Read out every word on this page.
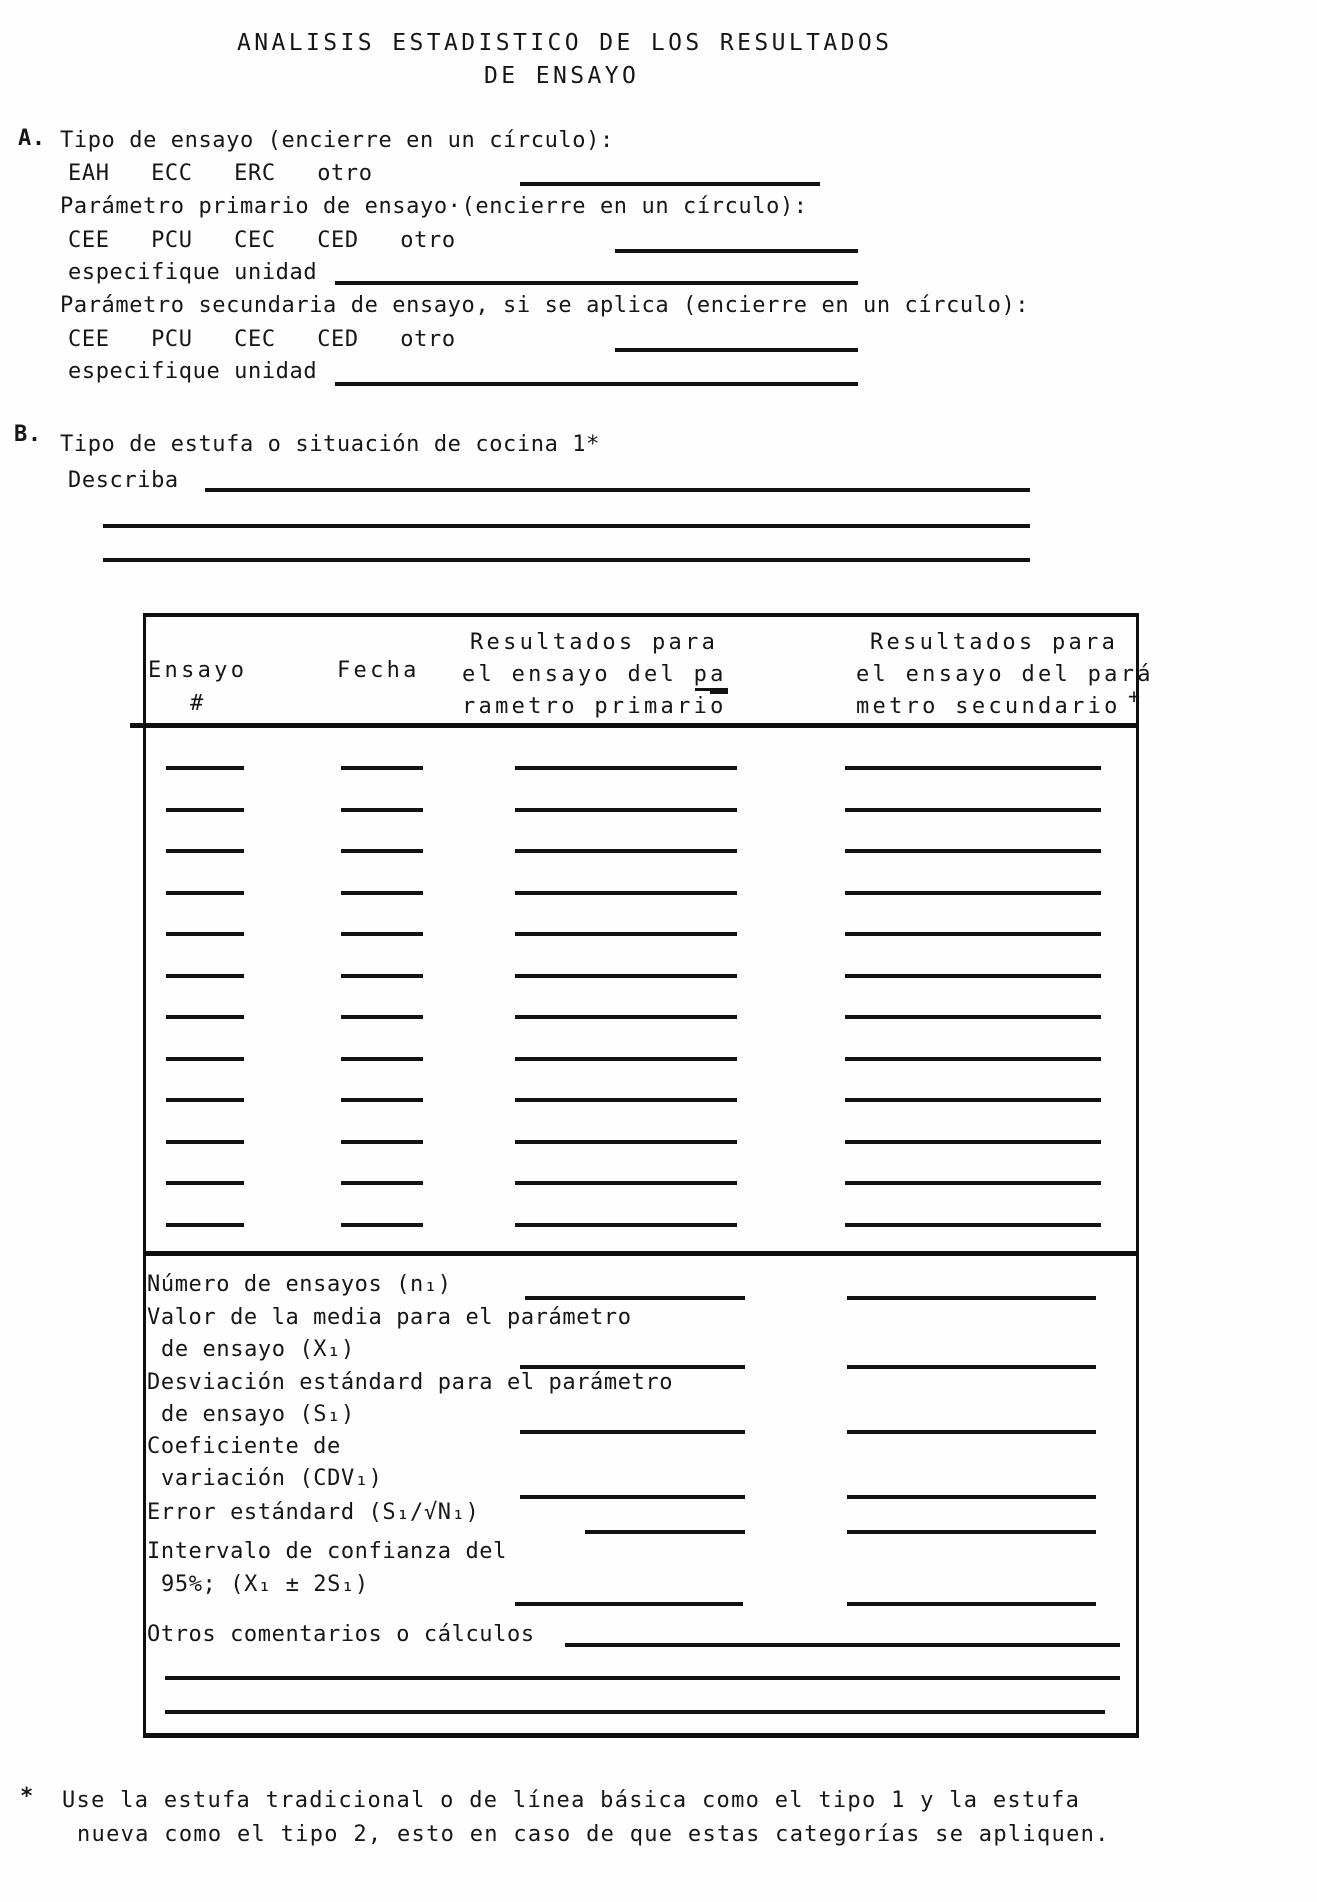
ANALISIS ESTADISTICO DE LOS RESULTADOS
DE ENSAYO
A. Tipo de ensayo (encierre en un círculo):
EAH   ECC   ERC   otro
Parámetro primario de ensayo·(encierre en un círculo):
CEE   PCU   CEC   CED   otro
especifique unidad
Parámetro secundaria de ensayo, si se aplica (encierre en un círculo):
CEE   PCU   CEC   CED   otro
especifique unidad
B. Tipo de estufa o situación de cocina 1*
Describa
Ensayo
#
Fecha
Resultados para
el ensayo del pa
rametro primario
Resultados para
el ensayo del pará
metro secundario +
Número de ensayos (n₁)
Valor de la media para el parámetro
de ensayo (X₁)
Desviación estándard para el parámetro
de ensayo (S₁)
Coeficiente de
variación (CDV₁)
Error estándard (S₁/√N₁)
Intervalo de confianza del
95%; (X₁ ± 2S₁)
Otros comentarios o cálculos
* Use la estufa tradicional o de línea básica como el tipo 1 y la estufa
nueva como el tipo 2, esto en caso de que estas categorías se apliquen.
